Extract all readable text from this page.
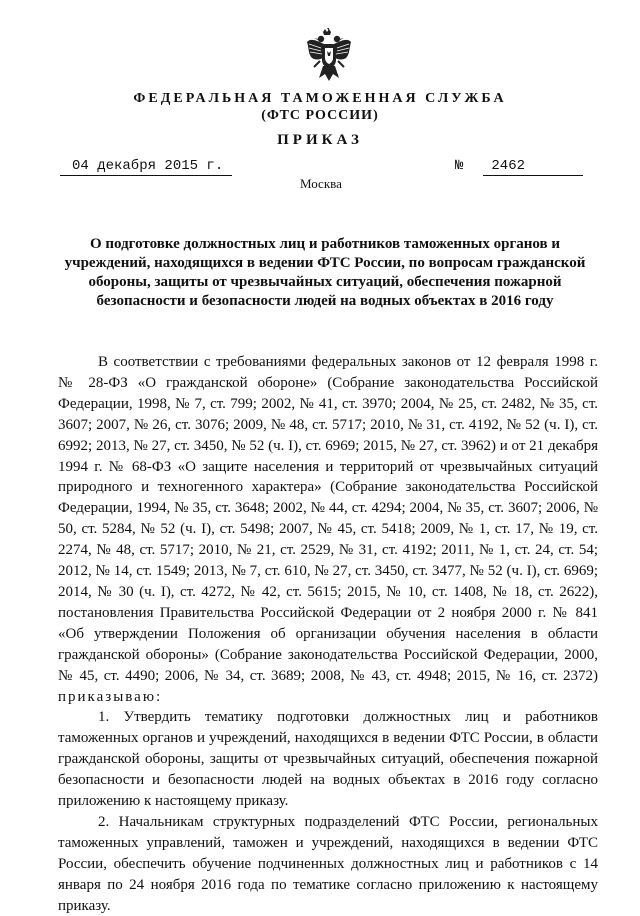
ФЕДЕРАЛЬНАЯ ТАМОЖЕННАЯ СЛУЖБА
(ФТС РОССИИ)
ПРИКАЗ
04 декабря 2015 г.	№	2462
Москва
О подготовке должностных лиц и работников таможенных органов и учреждений, находящихся в ведении ФТС России, по вопросам гражданской обороны, защиты от чрезвычайных ситуаций, обеспечения пожарной безопасности и безопасности людей на водных объектах в 2016 году

В соответствии с требованиями федеральных законов от 12 февраля 1998 г. № 28-ФЗ «О гражданской обороне» (Собрание законодательства Российской Федерации, 1998, № 7, ст. 799; 2002, № 41, ст. 3970; 2004, № 25, ст. 2482, № 35, ст. 3607; 2007, № 26, ст. 3076; 2009, № 48, ст. 5717; 2010, № 31, ст. 4192, № 52 (ч. I), ст. 6992; 2013, № 27, ст. 3450, № 52 (ч. I), ст. 6969; 2015, № 27, ст. 3962) и от 21 декабря 1994 г. № 68-ФЗ «О защите населения и территорий от чрезвычайных ситуаций природного и техногенного характера» (Собрание законодательства Российской Федерации, 1994, № 35, ст. 3648; 2002, № 44, ст. 4294; 2004, № 35, ст. 3607; 2006, № 50, ст. 5284, № 52 (ч. I), ст. 5498; 2007, № 45, ст. 5418; 2009, № 1, ст. 17, № 19, ст. 2274, № 48, ст. 5717; 2010, № 21, ст. 2529, № 31, ст. 4192; 2011, № 1, ст. 24, ст. 54; 2012, № 14, ст. 1549; 2013, № 7, ст. 610, № 27, ст. 3450, ст. 3477, № 52 (ч. I), ст. 6969; 2014, № 30 (ч. I), ст. 4272, № 42, ст. 5615; 2015, № 10, ст. 1408, № 18, ст. 2622), постановления Правительства Российской Федерации от 2 ноября 2000 г. № 841 «Об утверждении Положения об организации обучения населения в области гражданской обороны» (Собрание законодательства Российской Федерации, 2000, № 45, ст. 4490; 2006, № 34, ст. 3689; 2008, № 43, ст. 4948; 2015, № 16, ст. 2372) приказываю:

1. Утвердить тематику подготовки должностных лиц и работников таможенных органов и учреждений, находящихся в ведении ФТС России, в области гражданской обороны, защиты от чрезвычайных ситуаций, обеспечения пожарной безопасности и безопасности людей на водных объектах в 2016 году согласно приложению к настоящему приказу.

2. Начальникам структурных подразделений ФТС России, региональных таможенных управлений, таможен и учреждений, находящихся в ведении ФТС России, обеспечить обучение подчиненных должностных лиц и работников с 14 января по 24 ноября 2016 года по тематике согласно приложению к настоящему приказу.
